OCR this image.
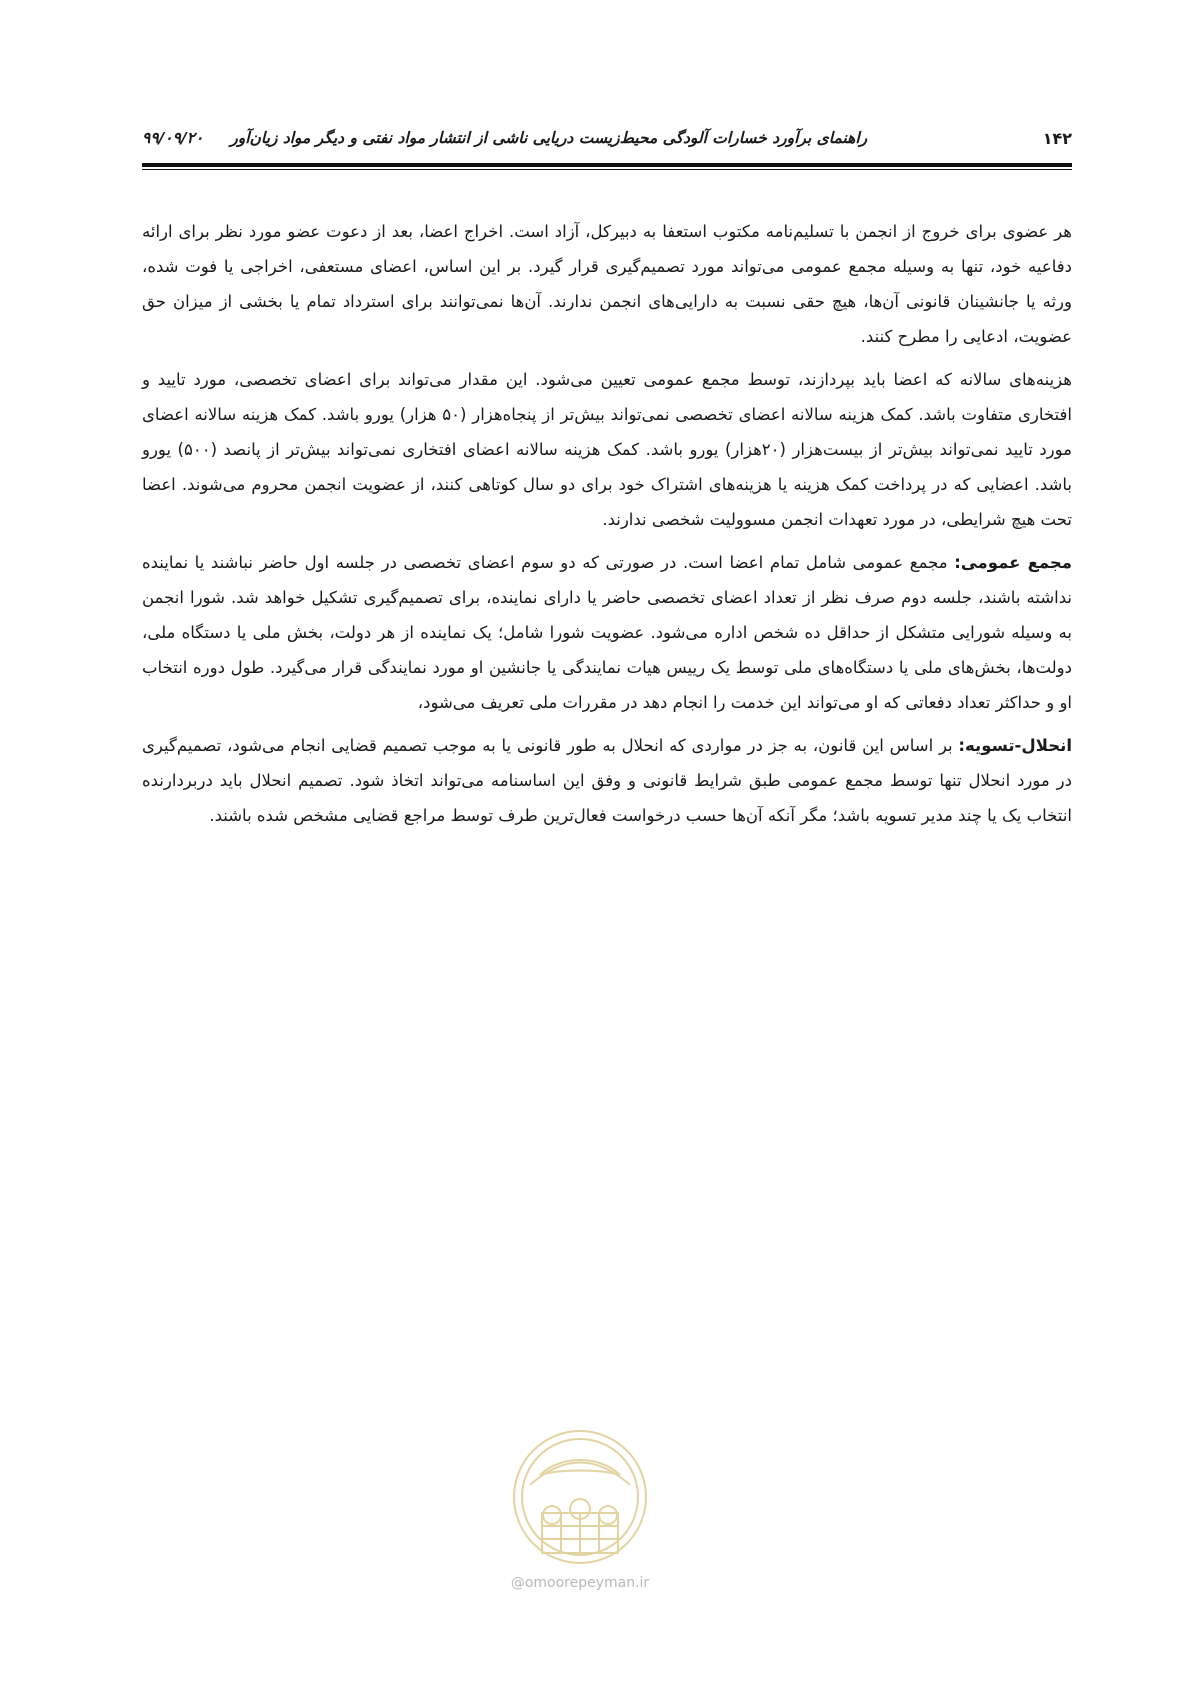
۱۴۲
راهنمای برآورد خسارات آلودگی محیط‌زیست دریایی ناشی از انتشار مواد نفتی و دیگر مواد زیان‌آور     ۹۹/۰۹/۲۰

هر عضوی برای خروج از انجمن با تسلیم‌نامه مکتوب استعفا به دبیرکل، آزاد است. اخراج اعضا، بعد از دعوت عضو مورد نظر برای ارائه دفاعیه خود، تنها به وسیله مجمع عمومی می‌تواند مورد تصمیم‌گیری قرار گیرد. بر این اساس، اعضای مستعفی، اخراجی یا فوت شده، ورثه یا جانشینان قانونی آن‌ها، هیچ حقی نسبت به دارایی‌های انجمن ندارند. آن‌ها نمی‌توانند برای استرداد تمام یا بخشی از میزان حق عضویت، ادعایی را مطرح کنند.

هزینه‌های سالانه که اعضا باید بپردازند، توسط مجمع عمومی تعیین می‌شود. این مقدار می‌تواند برای اعضای تخصصی، مورد تایید و افتخاری متفاوت باشد. کمک هزینه سالانه اعضای تخصصی نمی‌تواند بیش‌تر از پنجاه‌هزار (۵۰ هزار) یورو باشد. کمک هزینه سالانه اعضای مورد تایید نمی‌تواند بیش‌تر از بیست‌هزار (۲۰هزار) یورو باشد. کمک هزینه سالانه اعضای افتخاری نمی‌تواند بیش‌تر از پانصد (۵۰۰) یورو باشد. اعضایی که در پرداخت کمک هزینه یا هزینه‌های اشتراک خود برای دو سال کوتاهی کنند، از عضویت انجمن محروم می‌شوند. اعضا تحت هیچ شرایطی، در مورد تعهدات انجمن مسوولیت شخصی ندارند.

مجمع عمومی: مجمع عمومی شامل تمام اعضا است. در صورتی که دو سوم اعضای تخصصی در جلسه اول حاضر نباشند یا نماینده نداشته باشند، جلسه دوم صرف نظر از تعداد اعضای تخصصی حاضر یا دارای نماینده، برای تصمیم‌گیری تشکیل خواهد شد. شورا انجمن به وسیله شورایی متشکل از حداقل ده شخص اداره می‌شود. عضویت شورا شامل؛ یک نماینده از هر دولت، بخش ملی یا دستگاه ملی، دولت‌ها، بخش‌های ملی یا دستگاه‌های ملی توسط یک رییس هیات نمایندگی یا جانشین او مورد نمایندگی قرار می‌گیرد. طول دوره انتخاب او و حداکثر تعداد دفعاتی که او می‌تواند این خدمت را انجام دهد در مقررات ملی تعریف می‌شود،

انحلال-تسویه: بر اساس این قانون، به جز در مواردی که انحلال به طور قانونی یا به موجب تصمیم قضایی انجام می‌شود، تصمیم‌گیری در مورد انحلال تنها توسط مجمع عمومی طبق شرایط قانونی و وفق این اساسنامه می‌تواند اتخاذ شود. تصمیم انحلال باید دربردارنده انتخاب یک یا چند مدیر تسویه باشد؛ مگر آنکه آن‌ها حسب درخواست فعال‌ترین طرف توسط مراجع قضایی مشخص شده باشند.

@omoorepeyman.ir
